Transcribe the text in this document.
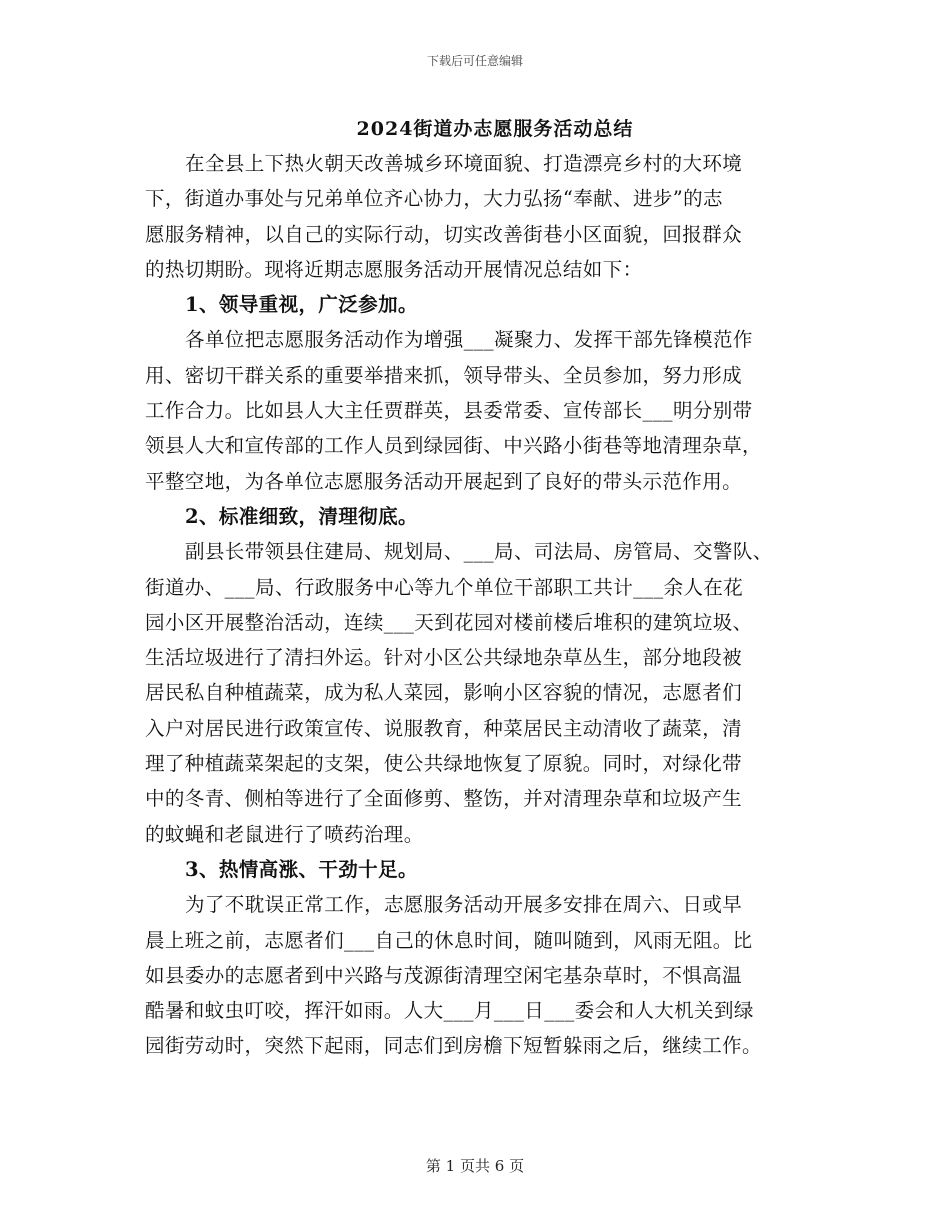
下载后可任意编辑
2024街道办志愿服务活动总结
在全县上下热火朝天改善城乡环境面貌、打造漂亮乡村的大环境
下，街道办事处与兄弟单位齐心协力，大力弘扬“奉献、进步”的志
愿服务精神，以自己的实际行动，切实改善街巷小区面貌，回报群众
的热切期盼。现将近期志愿服务活动开展情况总结如下：
1、领导重视，广泛参加。
各单位把志愿服务活动作为增强___凝聚力、发挥干部先锋模范作
用、密切干群关系的重要举措来抓，领导带头、全员参加，努力形成
工作合力。比如县人大主任贾群英，县委常委、宣传部长___明分别带
领县人大和宣传部的工作人员到绿园街、中兴路小街巷等地清理杂草，
平整空地，为各单位志愿服务活动开展起到了良好的带头示范作用。
2、标准细致，清理彻底。
副县长带领县住建局、规划局、___局、司法局、房管局、交警队、
街道办、___局、行政服务中心等九个单位干部职工共计___余人在花
园小区开展整治活动，连续___天到花园对楼前楼后堆积的建筑垃圾、
生活垃圾进行了清扫外运。针对小区公共绿地杂草丛生，部分地段被
居民私自种植蔬菜，成为私人菜园，影响小区容貌的情况，志愿者们
入户对居民进行政策宣传、说服教育，种菜居民主动清收了蔬菜，清
理了种植蔬菜架起的支架，使公共绿地恢复了原貌。同时，对绿化带
中的冬青、侧柏等进行了全面修剪、整饬，并对清理杂草和垃圾产生
的蚊蝇和老鼠进行了喷药治理。
3、热情高涨、干劲十足。
为了不耽误正常工作，志愿服务活动开展多安排在周六、日或早
晨上班之前，志愿者们___自己的休息时间，随叫随到，风雨无阻。比
如县委办的志愿者到中兴路与茂源街清理空闲宅基杂草时，不惧高温
酷暑和蚊虫叮咬，挥汗如雨。人大___月___日___委会和人大机关到绿
园街劳动时，突然下起雨，同志们到房檐下短暂躲雨之后，继续工作。
第 1 页共 6 页
